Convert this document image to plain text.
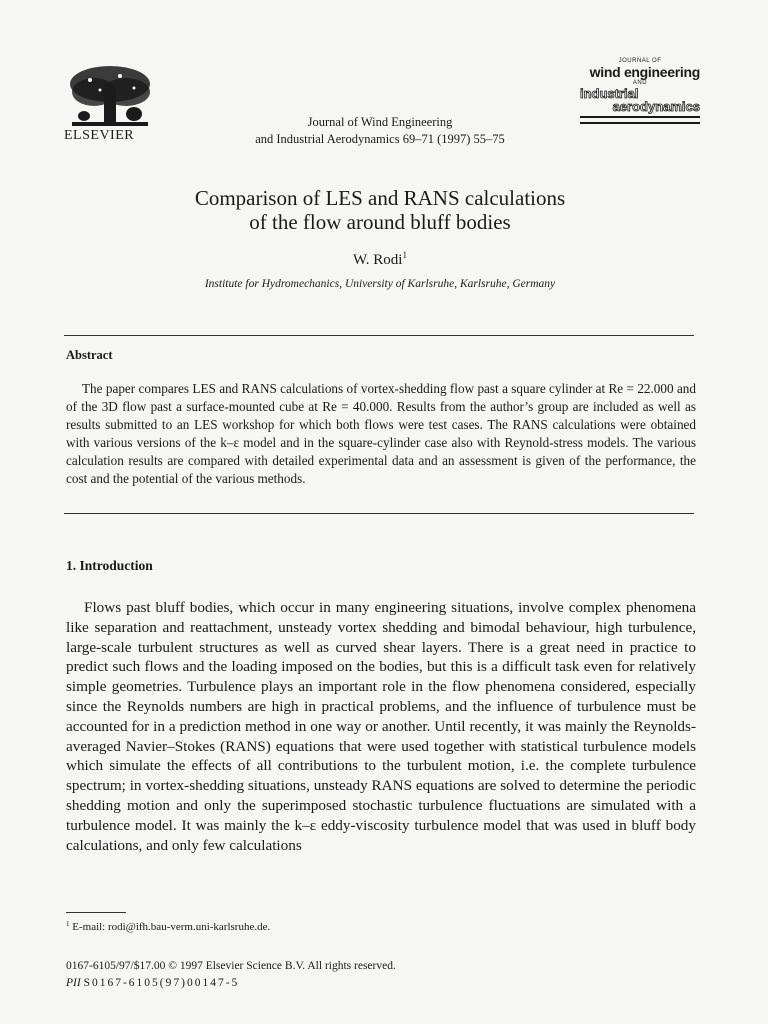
ELSEVIER
Journal of Wind Engineering
and Industrial Aerodynamics 69–71 (1997) 55–75
JOURNAL OF
wind engineering
AND
industrial
aerodynamics
Comparison of LES and RANS calculations
of the flow around bluff bodies
W. Rodi$^1$
Institute for Hydromechanics, University of Karlsruhe, Karlsruhe, Germany
Abstract
The paper compares LES and RANS calculations of vortex-shedding flow past a square cylinder at Re = 22.000 and of the 3D flow past a surface-mounted cube at Re = 40.000. Results from the author’s group are included as well as results submitted to an LES workshop for which both flows were test cases. The RANS calculations were obtained with various versions of the k–ε model and in the square-cylinder case also with Reynold-stress models. The various calculation results are compared with detailed experimental data and an assessment is given of the performance, the cost and the potential of the various methods.
1. Introduction
Flows past bluff bodies, which occur in many engineering situations, involve complex phenomena like separation and reattachment, unsteady vortex shedding and bimodal behaviour, high turbulence, large-scale turbulent structures as well as curved shear layers. There is a great need in practice to predict such flows and the loading imposed on the bodies, but this is a difficult task even for relatively simple geometries. Turbulence plays an important role in the flow phenomena considered, especially since the Reynolds numbers are high in practical problems, and the influence of turbulence must be accounted for in a prediction method in one way or another. Until recently, it was mainly the Reynolds-averaged Navier–Stokes (RANS) equations that were used together with statistical turbulence models which simulate the effects of all contributions to the turbulent motion, i.e. the complete turbulence spectrum; in vortex-shedding situations, unsteady RANS equations are solved to determine the periodic shedding motion and only the superimposed stochastic turbulence fluctuations are simulated with a turbulence model. It was mainly the k–ε eddy-viscosity turbulence model that was used in bluff body calculations, and only few calculations
$^1$ E-mail: rodi@ifh.bau-verm.uni-karlsruhe.de.
0167-6105/97/$17.00 © 1997 Elsevier Science B.V. All rights reserved.
PII S0167-6105(97)00147-5
